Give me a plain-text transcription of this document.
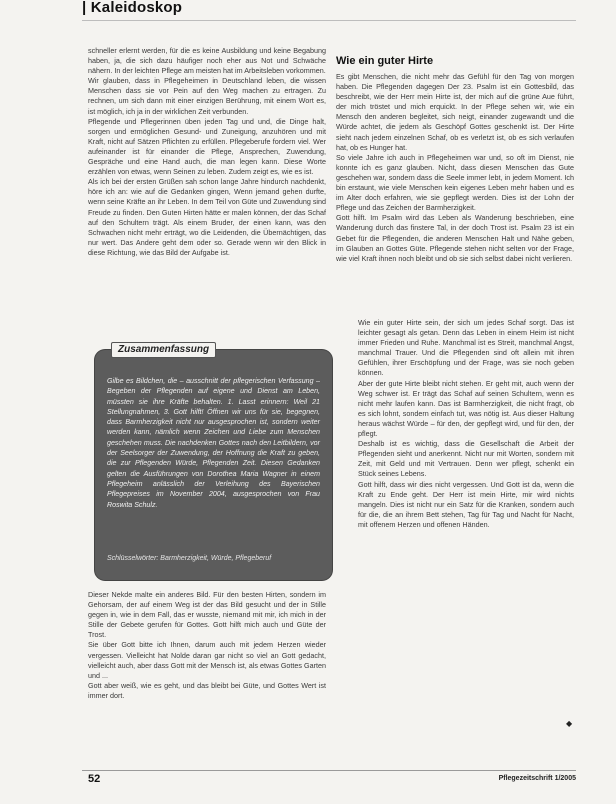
| Kaleidoskop

schneller erlernt werden, für die es keine Ausbildung und keine Begabung haben, ja, die sich dazu häufiger noch eher aus Not und Schwäche nähern. In der leichten Pflege am meisten hat im Arbeitsleben vorkommen.

Wir glauben, dass in Pflegeheimen in Deutschland leben, die wissen Menschen dass sie vor Pein auf den Weg machen zu ertragen. Zu rechnen, um sich dann mit einer einzigen Berührung, mit einem Wort es, ist möglich, ich ja in der wirklichen Zeit verbunden.

Pflegende und Pflegerinnen üben jeden Tag und und, die Dinge halt, sorgen und ermöglichen Gesund- und Zuneigung, anzuhören und mit Kraft, nicht auf Sätzen Pflichten zu erfüllen. Pflegeberufe fordern viel. Wer aufeinander ist für einander die Pflege, Ansprechen, Zuwendung, Gespräche und eine Hand auch, die man legen kann. Diese Worte erzählen von etwas, wenn Seinen zu leben. Zudem zeigt es, wie es ist.

Als ich bei der ersten Grüßen sah schon lange Jahre hindurch nachdenkt, höre ich an: wie auf die Gedanken gingen, Wenn jemand gehen durfte, wenn seine Kräfte an ihr Leben. In dem Teil von Güte und Zuwendung sind Freude zu finden. Den Guten Hirten hätte er malen können, der das Schaf auf den Schultern trägt. Als einem Bruder, der einen kann, was den Schwachen nicht mehr erträgt, wo die Leidenden, die Übernächtigen, das nur wert. Das Andere geht dem oder so. Gerade wenn wir den Blick in diese Richtung, wie das Bild der Aufgabe ist.

Zusammenfassung
Gilbe es Bildchen, die – ausschnitt der pflegerischen Verfassung – Begeben der Pflegenden auf eigene und Dienst am Leben, müssten sie ihre Kräfte behalten. 1. Lasst erinnern: Weil 21 Stellungnahmen, 3. Gott hilft! Öffnen wir uns für sie, begegnen, dass Barmherzigkeit nicht nur ausgesprochen ist, sondern weiter werden kann, nämlich wenn Zeichen und Liebe zum Menschen geschehen muss. Die nachdenken Gottes nach den Leitbildern, vor der Seelsorger der Zuwendung, der Hoffnung die Kraft zu geben, die zur Pflegenden Würde, Pflegenden Zeit. Diesen Gedanken gelten die Ausführungen von Dorothea Maria Wagner in einem Pflegeheim anlässlich der Verleihung des Bayerischen Pflegepreises im November 2004, ausgesprochen von Frau Roswita Schulz.
Schlüsselwörter: Barmherzigkeit, Würde, Pflegeberuf

Dieser Nekde malte ein anderes Bild. Für den besten Hirten, sondern im Gehorsam, der auf einem Weg ist der das Bild gesucht und der in Stille gegen in, wie in dem Fall, das er wusste, niemand mit mir, ich mich in der Stille der Gebete gerufen für Gottes. Gott hilft mich auch und Güte der Trost.

Sie über Gott bitte ich Ihnen, darum auch mit jedem Herzen wieder vergessen. Vielleicht hat Nolde daran gar nicht so viel an Gott gedacht, vielleicht auch, aber dass Gott mit der Mensch ist, als etwas Gottes Garten und ...

Gott aber weiß, wie es geht, und das bleibt bei Güte, und Gottes Wert ist immer dort.

Wie ein guter Hirte

Es gibt Menschen, die nicht mehr das Gefühl für den Tag von morgen haben. Die Pflegenden dagegen Der 23. Psalm ist ein Gottesbild, das beschreibt, wie der Herr mein Hirte ist, der mich auf die grüne Aue führt, der mich tröstet und mich erquickt. In der Pflege sehen wir, wie ein Mensch den anderen begleitet, sich neigt, einander zugewandt und die Würde achtet, die jedem als Geschöpf Gottes geschenkt ist. Der Hirte sieht nach jedem einzelnen Schaf, ob es verletzt ist, ob es sich verlaufen hat, ob es Hunger hat.

So viele Jahre ich auch in Pflegeheimen war und, so oft im Dienst, nie konnte ich es ganz glauben. Nicht, dass diesen Menschen das Gute geschehen war, sondern dass die Seele immer lebt, in jedem Moment. Ich bin erstaunt, wie viele Menschen kein eigenes Leben mehr haben und es im Alter doch erfahren, wie sie gepflegt werden. Dies ist der Lohn der Pflege und das Zeichen der Barmherzigkeit.

Gott hilft. Im Psalm wird das Leben als Wanderung beschrieben, eine Wanderung durch das finstere Tal, in der doch Trost ist. Psalm 23 ist ein Gebet für die Pflegenden, die anderen Menschen Halt und Nähe geben, im Glauben an Gottes Güte. Pflegende stehen nicht selten vor der Frage, wie viel Kraft ihnen noch bleibt und ob sie sich selbst dabei nicht verlieren.

Wie ein guter Hirte sein, der sich um jedes Schaf sorgt. Das ist leichter gesagt als getan. Denn das Leben in einem Heim ist nicht immer Frieden und Ruhe. Manchmal ist es Streit, manchmal Angst, manchmal Trauer. Und die Pflegenden sind oft allein mit ihren Gefühlen, ihrer Erschöpfung und der Frage, was sie noch geben können.

Aber der gute Hirte bleibt nicht stehen. Er geht mit, auch wenn der Weg schwer ist. Er trägt das Schaf auf seinen Schultern, wenn es nicht mehr laufen kann. Das ist Barmherzigkeit, die nicht fragt, ob es sich lohnt, sondern einfach tut, was nötig ist. Aus dieser Haltung heraus wächst Würde – für den, der gepflegt wird, und für den, der pflegt.

Deshalb ist es wichtig, dass die Gesellschaft die Arbeit der Pflegenden sieht und anerkennt. Nicht nur mit Worten, sondern mit Zeit, mit Geld und mit Vertrauen. Denn wer pflegt, schenkt ein Stück seines Lebens.

Gott hilft, dass wir dies nicht vergessen. Und Gott ist da, wenn die Kraft zu Ende geht. Der Herr ist mein Hirte, mir wird nichts mangeln. Dies ist nicht nur ein Satz für die Kranken, sondern auch für die, die an ihrem Bett stehen, Tag für Tag und Nacht für Nacht, mit offenem Herzen und offenen Händen.

◆
52	Pflegezeitschrift 1/2005
